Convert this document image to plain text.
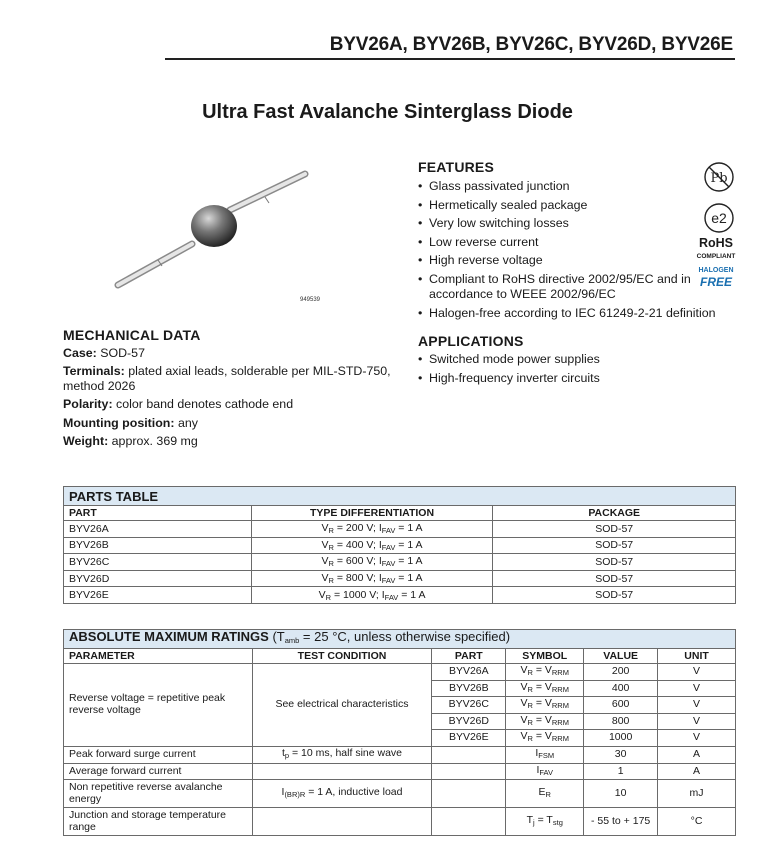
BYV26A, BYV26B, BYV26C, BYV26D, BYV26E
Ultra Fast Avalanche Sinterglass Diode
949539
FEATURES
• Glass passivated junction
• Hermetically sealed package
• Very low switching losses
• Low reverse current
• High reverse voltage
• Compliant to RoHS directive 2002/95/EC and in accordance to WEEE 2002/96/EC
• Halogen-free according to IEC 61249-2-21 definition
Pb
e2
RoHS
COMPLIANT
HALOGEN
FREE
APPLICATIONS
• Switched mode power supplies
• High-frequency inverter circuits
MECHANICAL DATA

Case: SOD-57

Terminals: plated axial leads, solderable per MIL-STD-750, method 2026

Polarity: color band denotes cathode end

Mounting position: any

Weight: approx. 369 mg

PARTS TABLE		
PART	TYPE DIFFERENTIATION	PACKAGE
BYV26A	$V_R = 200$ V; $I_{FAV} = 1$ A	SOD-57
BYV26B	$V_R = 400$ V; $I_{FAV} = 1$ A	SOD-57
BYV26C	$V_R = 600$ V; $I_{FAV} = 1$ A	SOD-57
BYV26D	$V_R = 800$ V; $I_{FAV} = 1$ A	SOD-57
BYV26E	$V_R = 1000$ V; $I_{FAV} = 1$ A	SOD-57
ABSOLUTE MAXIMUM RATINGS ($T_{amb} = 25$ °C, unless otherwise specified)					
PARAMETER	TEST CONDITION	PART	SYMBOL	VALUE	UNIT
Reverse voltage = repetitive peak reverse voltage	See electrical characteristics	BYV26A	$V_R = V_{RRM}$	200	V
		BYV26B	$V_R = V_{RRM}$	400	V
		BYV26C	$V_R = V_{RRM}$	600	V
		BYV26D	$V_R = V_{RRM}$	800	V
		BYV26E	$V_R = V_{RRM}$	1000	V
Peak forward surge current	$t_p = 10$ ms, half sine wave		$I_{FSM}$	30	A
Average forward current			$I_{FAV}$	1	A
Non repetitive reverse avalanche energy	$I_{(BR)R} = 1$ A, inductive load		$E_R$	10	mJ
Junction and storage temperature range			$T_j = T_{stg}$	- 55 to + 175	°C
